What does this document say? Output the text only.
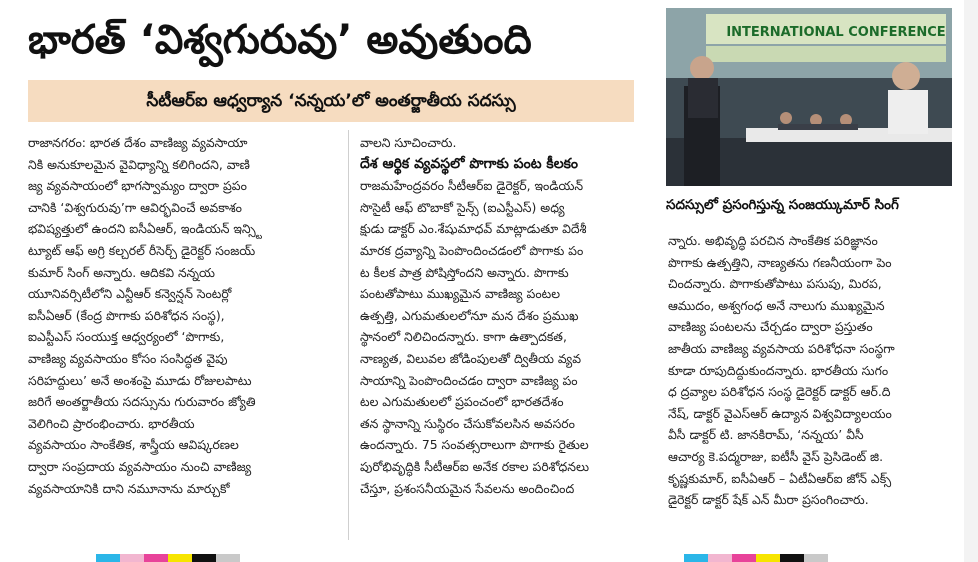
భారత్ ‘విశ్వగురువు’ అవుతుంది
సీటీఆర్ఐ ఆధ్వర్యాన ‘నన్నయ’లో అంతర్జాతీయ సదస్సు

రాజానగరం: భారత దేశం వాణిజ్య వ్యవసాయా

నికి అనుకూలమైన వైవిధ్యాన్ని కలిగిందని, వాణి

జ్య వ్యవసాయంలో భాగస్వామ్యం ద్వారా ప్రపం

చానికి ‘విశ్వగురువు’గా ఆవిర్భవించే అవకాశం

భవిష్యత్తులో ఉందని ఐసీఏఆర్, ఇండియన్ ఇన్స్టి

ట్యూట్ ఆఫ్ అగ్రి కల్చరల్ రీసెర్చ్ డైరెక్టర్ సంజయ్

కుమార్ సింగ్ అన్నారు. ఆదికవి నన్నయ

యూనివర్సిటీలోని ఎన్టీఆర్ కన్వెన్షన్ సెంటర్లో

ఐసీఏఆర్ (కేంద్ర పొగాకు పరిశోధన సంస్థ),

ఐఎస్టీఎస్ సంయుక్త ఆధ్వర్యంలో ‘పొగాకు,

వాణిజ్య వ్యవసాయం కోసం సంసిద్ధత వైపు

సరిహద్దులు’ అనే అంశంపై మూడు రోజులపాటు

జరిగే అంతర్జాతీయ సదస్సును గురువారం జ్యోతి

వెలిగించి ప్రారంభించారు. భారతీయ

వ్యవసాయం సాంకేతిక, శాస్త్రీయ ఆవిష్కరణల

ద్వారా సంప్రదాయ వ్యవసాయం నుంచి వాణిజ్య

వ్యవసాయానికి దాని నమూనాను మార్చుకో

వాలని సూచించారు.

దేశ ఆర్థిక వ్యవస్థలో పొగాకు పంట కీలకం

రాజమహేంద్రవరం సీటీఆర్ఐ డైరెక్టర్, ఇండియన్

సొసైటీ ఆఫ్ టొబాకో సైన్స్ (ఐఎస్టీఎస్) అధ్య

క్షుడు డాక్టర్ ఎం.శేషుమాధవ్ మాట్లాడుతూ విదేశీ

మారక ద్రవ్యాన్ని పెంపొందించడంలో పొగాకు పం

ట కీలక పాత్ర పోషిస్తోందని అన్నారు. పొగాకు

పంటతోపాటు ముఖ్యమైన వాణిజ్య పంటల

ఉత్పత్తి, ఎగుమతులలోనూ మన దేశం ప్రముఖ

స్థానంలో నిలిచిందన్నారు. కాగా ఉత్పాదకత,

నాణ్యత, విలువల జోడింపులతో ద్వితీయ వ్యవ

సాయాన్ని పెంపొందించడం ద్వారా వాణిజ్య పం

టల ఎగుమతులలో ప్రపంచంలో భారతదేశం

తన స్థానాన్ని సుస్థిరం చేసుకోవలసిన అవసరం

ఉందన్నారు. 75 సంవత్సరాలుగా పొగాకు రైతుల

పురోభివృద్ధికి సీటీఆర్ఐ అనేక రకాల పరిశోధనలు

చేస్తూ, ప్రశంసనీయమైన సేవలను అందించింద

INTERNATIONAL CONFERENCE
సదస్సులో ప్రసంగిస్తున్న సంజయ్కుమార్ సింగ్

న్నారు. అభివృద్ధి పరచిన సాంకేతిక పరిజ్ఞానం

పొగాకు ఉత్పత్తిని, నాణ్యతను గణనీయంగా పెం

చిందన్నారు. పొగాకుతోపాటు పసుపు, మిరప,

ఆముదం, అశ్వగంధ అనే నాలుగు ముఖ్యమైన

వాణిజ్య పంటలను చేర్చడం ద్వారా ప్రస్తుతం

జాతీయ వాణిజ్య వ్యవసాయ పరిశోధనా సంస్థగా

కూడా రూపుదిద్దుకుందన్నారు. భారతీయ సుగం

ధ ద్రవ్యాల పరిశోధన సంస్థ డైరెక్టర్ డాక్టర్ ఆర్.ది

నేష్, డాక్టర్ వైఎస్ఆర్ ఉద్యాన విశ్వవిద్యాలయం

వీసీ డాక్టర్ టి. జానకిరామ్, ‘నన్నయ’ వీసీ

ఆచార్య కె.పద్మరాజు, ఐటీసీ వైస్ ప్రెసిడెంట్ జి.

కృష్ణకుమార్, ఐసీఏఆర్ – ఏటీఏఆర్ఐ జోన్ ఎక్స్

డైరెక్టర్ డాక్టర్ షేక్ ఎన్ మీరా ప్రసంగించారు.
